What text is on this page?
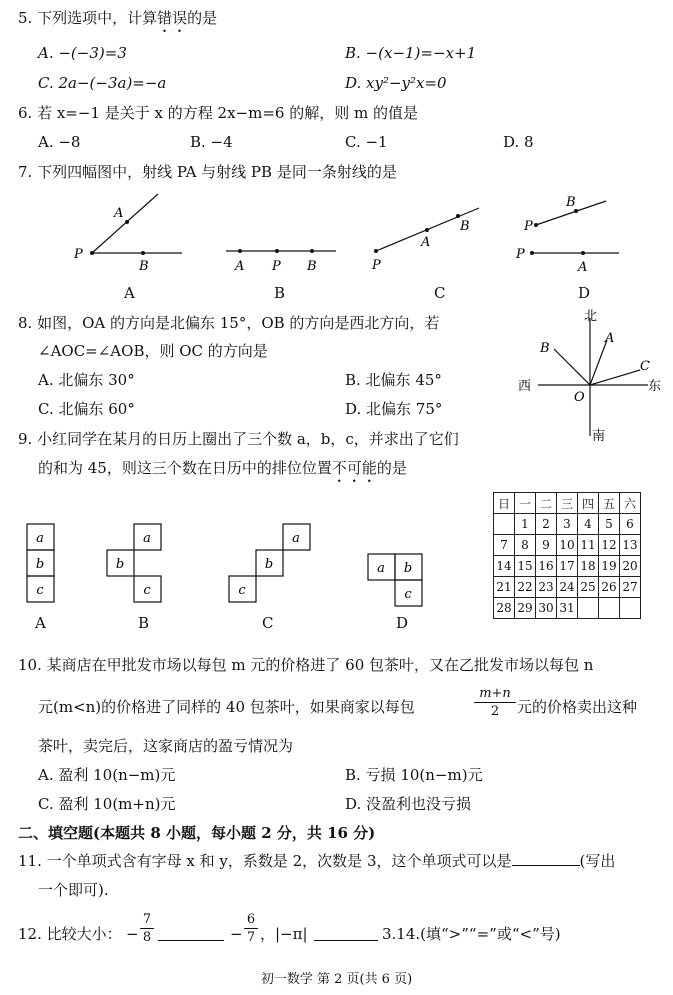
5. 下列选项中，计算错误的是
A. −(−3)=3	B. −(x−1)=−x+1
C. 2a−(−3a)=−a	D. xy²−y²x=0
6. 若 x=−1 是关于 x 的方程 2x−m=6 的解，则 m 的值是
A. −8	B. −4	C. −1	D. 8
7. 下列四幅图中，射线 PA 与射线 PB 是同一条射线的是
P
A
B	A P B	P
A
B	P
B
P
A
A	B	C	D
8. 如图，OA 的方向是北偏东 15°，OB 的方向是西北方向，若
∠AOC=∠AOB，则 OC 的方向是
A. 北偏东 30°	B. 北偏东 45°
C. 北偏东 60°	D. 北偏东 75°
北
南
西	东
O
A
B
C
9. 小红同学在某月的日历上圈出了三个数 a，b，c，并求出了它们
的和为 45，则这三个数在日历中的排位位置不可能的是
a
b
c
a
b
c
a
b
c
a b
c
A	B	C	D
日	一	二	三	四	五	六
	1	2	3	4	5	6
7	8	9	10	11	12	13
14	15	16	17	18	19	20
21	22	23	24	25	26	27
28	29	30	31			
10. 某商店在甲批发市场以每包 m 元的价格进了 60 包茶叶，又在乙批发市场以每包 n
元(m<n)的价格进了同样的 40 包茶叶，如果商家以每包
m+n
2	元的价格卖出这种
茶叶，卖完后，这家商店的盈亏情况为
A. 盈利 10(n−m)元	B. 亏损 10(n−m)元
C. 盈利 10(m+n)元	D. 没盈利也没亏损
二、填空题(本题共 8 小题，每小题 2 分，共 16 分)
11. 一个单项式含有字母 x 和 y，系数是 2，次数是 3，这个单项式可以是	(写出
一个即可).
12. 比较大小： −
7
8	−
6
7 ，|−π|	3.14.(填“>”“=”或“<”号)
初一数学 第 2 页(共 6 页)
